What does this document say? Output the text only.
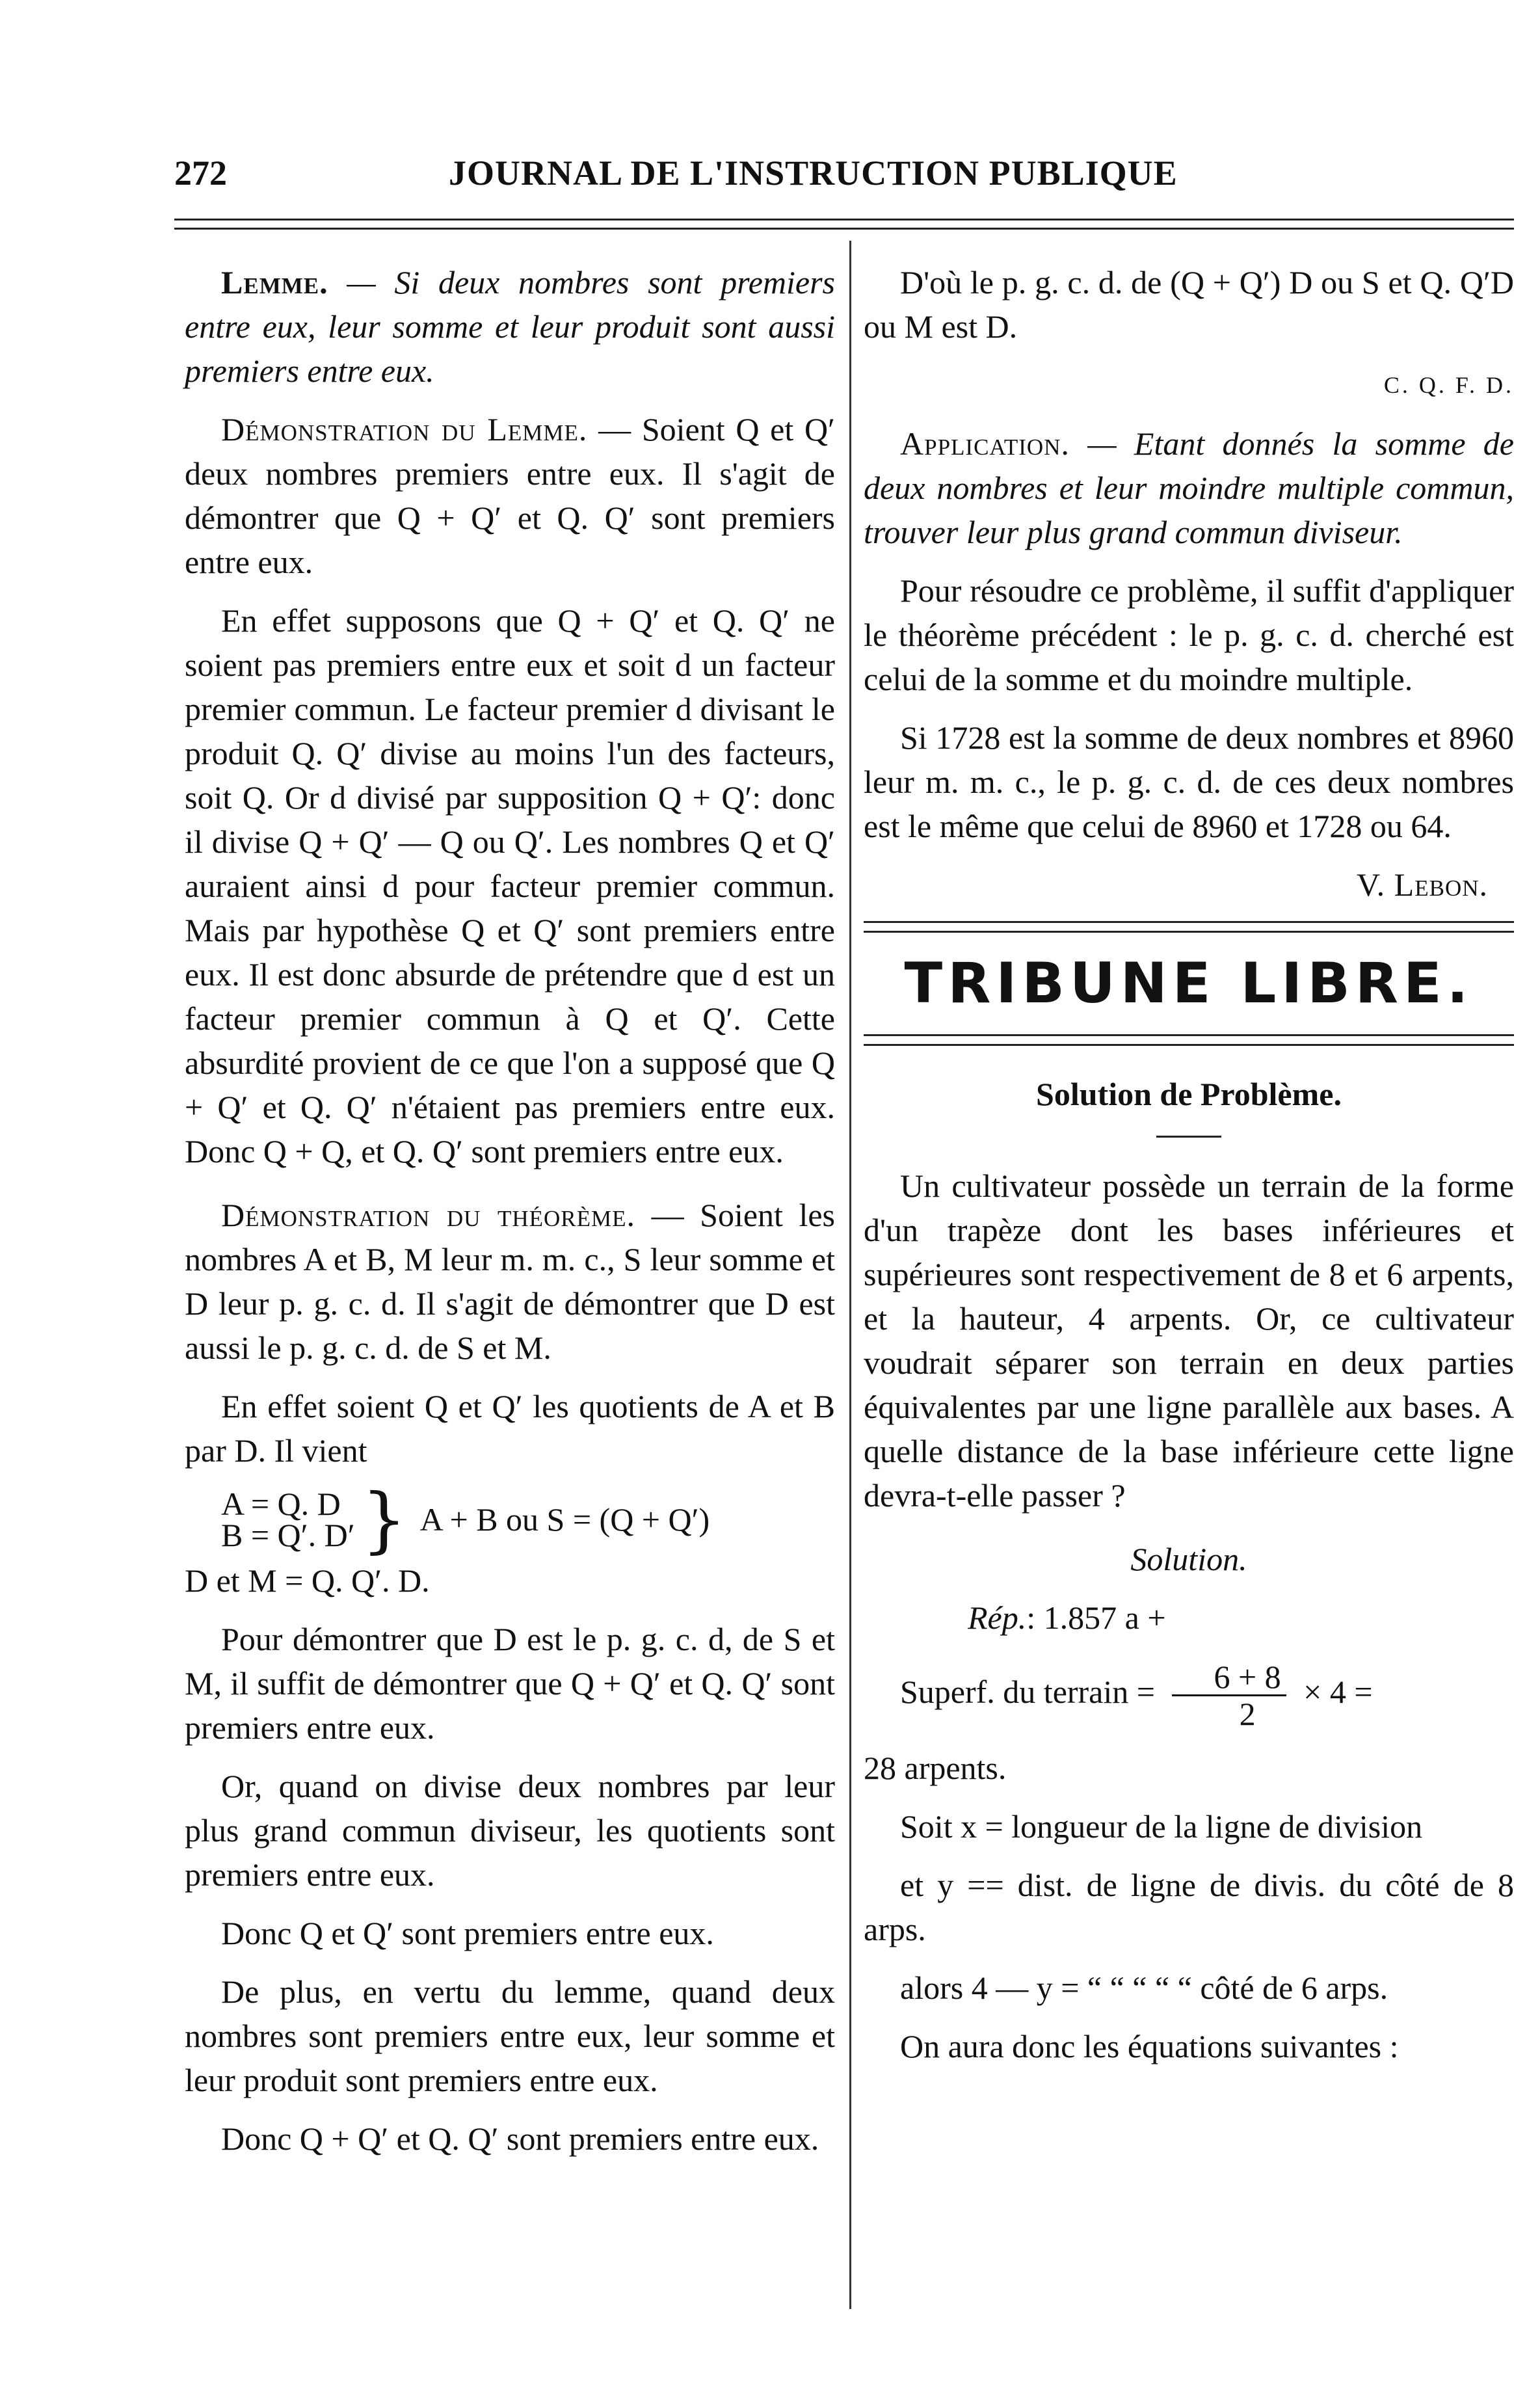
272	JOURNAL DE L'INSTRUCTION PUBLIQUE

Lemme. — Si deux nombres sont premiers entre eux, leur somme et leur produit sont aussi premiers entre eux.

Démonstration du Lemme. — Soient Q et Q′ deux nombres premiers entre eux. Il s'agit de démontrer que Q + Q′ et Q. Q′ sont premiers entre eux.

En effet supposons que Q + Q′ et Q. Q′ ne soient pas premiers entre eux et soit d un facteur premier commun. Le facteur premier d divisant le produit Q. Q′ divise au moins l'un des facteurs, soit Q. Or d divisé par supposition Q + Q′: donc il divise Q + Q′ — Q ou Q′. Les nombres Q et Q′ auraient ainsi d pour facteur premier commun. Mais par hypothèse Q et Q′ sont premiers entre eux. Il est donc absurde de prétendre que d est un facteur premier commun à Q et Q′. Cette absurdité provient de ce que l'on a supposé que Q + Q′ et Q. Q′ n'étaient pas premiers entre eux. Donc Q + Q, et Q. Q′ sont premiers entre eux.

Démonstration du théorème. — Soient les nombres A et B, M leur m. m. c., S leur somme et D leur p. g. c. d. Il s'agit de démontrer que D est aussi le p. g. c. d. de S et M.

En effet soient Q et Q′ les quotients de A et B par D. Il vient

A = Q. D
B = Q′. D′ } A + B ou S = (Q + Q′)

D et M = Q. Q′. D.

Pour démontrer que D est le p. g. c. d, de S et M, il suffit de démontrer que Q + Q′ et Q. Q′ sont premiers entre eux.

Or, quand on divise deux nombres par leur plus grand commun diviseur, les quotients sont premiers entre eux.

Donc Q et Q′ sont premiers entre eux.

De plus, en vertu du lemme, quand deux nombres sont premiers entre eux, leur somme et leur produit sont premiers entre eux.

Donc Q + Q′ et Q. Q′ sont premiers entre eux.

D'où le p. g. c. d. de (Q + Q′) D ou S et Q. Q′D ou M est D.

C. Q. F. D.

Application. — Etant donnés la somme de deux nombres et leur moindre multiple commun, trouver leur plus grand commun diviseur.

Pour résoudre ce problème, il suffit d'appliquer le théorème précédent : le p. g. c. d. cherché est celui de la somme et du moindre multiple.

Si 1728 est la somme de deux nombres et 8960 leur m. m. c., le p. g. c. d. de ces deux nombres est le même que celui de 8960 et 1728 ou 64.

V. Lebon.

TRIBUNE LIBRE.

Solution de Problème.

Un cultivateur possède un terrain de la forme d'un trapèze dont les bases inférieures et supérieures sont respectivement de 8 et 6 arpents, et la hauteur, 4 arpents. Or, ce cultivateur voudrait séparer son terrain en deux parties équivalentes par une ligne parallèle aux bases. A quelle distance de la base inférieure cette ligne devra-t-elle passer ?

Solution.

Rép.: 1.857 a +

Superf. du terrain = $\frac{6 + 8}{2} \times 4$ =

28 arpents.

Soit x = longueur de la ligne de division

et y == dist. de ligne de divis. du côté de 8 arps.

alors 4 — y = “ “ “ “ “ côté de 6 arps.

On aura donc les équations suivantes :
